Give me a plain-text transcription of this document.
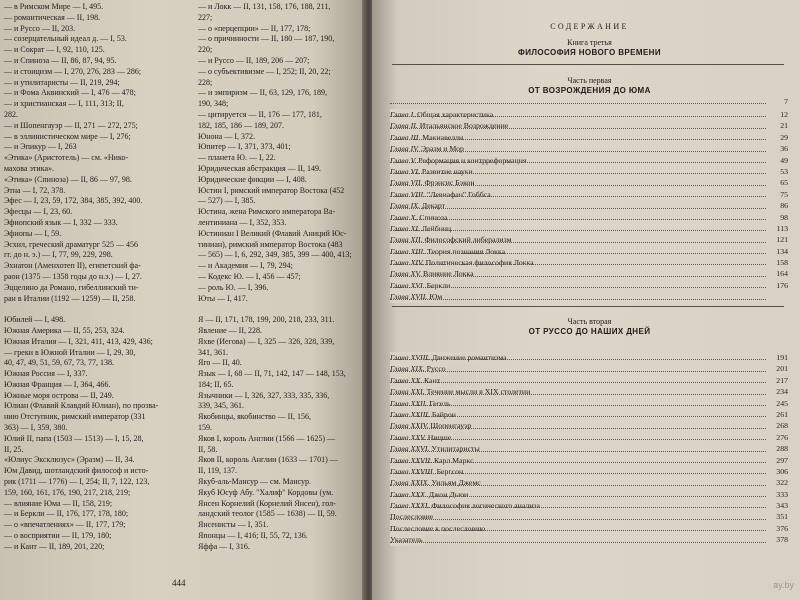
— в Римском Мире — I, 495.
— романтическая — II, 198.
— и Руссо — II, 203.
— созерцательный идеал д. — I, 53.
— и Сократ — I, 92, 110, 125.
— и Спиноза — II, 86, 87, 94, 95.
— и стоицизм — I, 270, 276, 283 — 286;
— и утилитаристы — II, 219, 294;
— и Фома Аквинский — I, 476 — 478;
— и христианская — I, 111, 313; II,
282.
— и Шопенгауэр — II, 271 — 272, 275;
— в эллинистическом мире — I, 276;
— и Эпикур — I, 263
«Этика» (Аристотель) — см. «Нико-
махова этика».
«Этика» (Спиноза) — II, 86 — 97, 98.
Этна — I, 72, 378.
Эфес — I, 23, 59, 172, 384, 385, 392, 400.
Эфесцы — I, 23, 60.
Эфиопский язык — I, 332 — 333.
Эфиопы — I, 59.
Эсхил, греческий драматург 525 — 456
гг. до н. э.) — I, 77, 99, 229, 298.
Эхнатон (Аменхотеп II), египетский фа-
раон (1375 — 1358 годы до н.э.) — I, 27.
Эццелино да Романо, гибеллинский ти-
ран в Италии (1192 — 1259) — II, 258.
Юбилей — I, 498.
Южная Америка — II, 55, 253, 324.
Южная Италия — I, 321, 411, 413, 429, 436;
— греки в Южной Италии — I, 29, 30,
40, 47, 49, 51, 59, 67, 73, 77, 138.
Южная Россия — I, 337.
Южная Франция — I, 364, 466.
Южные моря острова — II, 249.
Юлиан (Флавий Клавдий Юлиан), по прозва-
нию Отступник, римский император (331
363) — I, 359, 380.
Юлий II, папа (1503 — 1513) — I, 15, 28,
II, 25.
«Юлиус Эксклюзус» (Эразм) — II, 34.
Юм Давид, шотландский философ и исто-
рик (1711 — 1776) — I, 254; II, 7, 122, 123,
159, 160, 161, 176, 190, 217, 218, 219;
— влияние Юма — II, 158, 219;
— и Беркли — II, 176, 177, 178, 180;
— о «впечатлениях» — II, 177, 179;
— о восприятии — II, 179, 180;
— и Кант — II, 189, 201, 220;
— и Локк — II, 131, 158, 176, 188, 211,
227;
— о «перцепции» — II, 177, 178;
— о причинности — II, 180 — 187, 190,
220;
— и Руссо — II, 189, 206 — 207;
— о субъективизме — I, 252; II, 20, 22;
228;
— и эмпиризм — II, 63, 129, 176, 189,
190, 348;
— цитируется — II, 176 — 177, 181,
182, 185, 186 — 189, 207.
Юнона — I, 372.
Юпитер — I, 371, 373, 401;
— планета Ю. — I, 22.
Юридическая абстракция — II, 149.
Юридические фикции — I, 408.
Юстин I, римский император Востока (452
— 527) — I, 385.
Юстина, жена Римского императора Ва-
лентиниана — I, 352, 353.
Юстиниан I Великий (Флавий Аниций Юс-
тиниан), римский император Востока (483
— 565) — I, 6, 292, 349, 385, 399 — 400, 413;
— и Академия — I, 79, 294;
— Кодекс Ю. — I, 456 — 457;
— роль Ю. — I, 396.
Юты — I, 417.
Я — II, 171, 178, 199, 200, 218, 233, 311.
Явление — II, 228.
Яхве (Иегова) — I, 325 — 326, 328, 339,
341, 361.
Яго — II, 40.
Язык — I, 68 — II, 71, 142, 147 — 148, 153,
184; II, 65.
Язычники — I, 326, 327, 333, 335, 336,
339, 345, 361.
Якобинцы, якобинство — II, 156,
159.
Яков I, король Англии (1566 — 1625) —
II, 58.
Яков II, король Англии (1633 — 1701) —
II, 119, 137.
Якуб-аль-Мансур — см. Мансур.
Якуб Юсуф Абу. "Халиф" Кордовы (ум.
Янсен Корнелий (Корнелий Янсен), гол-
ландский теолог (1585 — 1638) — II, 59.
Янсенисты — I, 351.
Японцы — I, 416; II, 55, 72, 136.
Яффа — I, 316.
444
СОДЕРЖАНИЕ
Книга третья
ФИЛОСОФИЯ НОВОГО ВРЕМЕНИ
Часть первая
ОТ ВОЗРОЖДЕНИЯ ДО ЮМА
7
Глава I. Общая характеристика	12
Глава II. Итальянское Возрождение	21
Глава III. Макиавелли	29
Глава IV. Эразм и Мор	36
Глава V. Реформация и контрреформация	49
Глава VI. Развитие науки	53
Глава VII. Фрэнсис Бэкон	65
Глава VIII. "Левиафан" Гоббса	75
Глава IX. Декарт	86
Глава X. Спиноза	98
Глава XI. Лейбниц	113
Глава XII. Философский либерализм	121
Глава XIII. Теория познания Локка	134
Глава XIV. Политическая философия Локка	158
Глава XV. Влияние Локка	164
Глава XVI. Беркли	176
Глава XVII. Юм
Часть вторая
ОТ РУССО ДО НАШИХ ДНЕЙ
Глава XVIII. Движение романтизма	191
Глава XIX. Руссо	201
Глава XX. Кант	217
Глава XXI. Течение мысли в XIX столетии	234
Глава XXII. Гегель	245
Глава XXIII. Байрон	261
Глава XXIV. Шопенгауэр	268
Глава XXV. Ницше	276
Глава XXVI. Утилитаристы	288
Глава XXVII. Карл Маркс	297
Глава XXVIII. Бергсон	306
Глава XXIX. Уильям Джемс	322
Глава XXX. Джон Дьюи	333
Глава XXXI. Философия логического анализа	343
Послесловие	351
Послесловие к послесловию	376
Указатель	378
ay.by
